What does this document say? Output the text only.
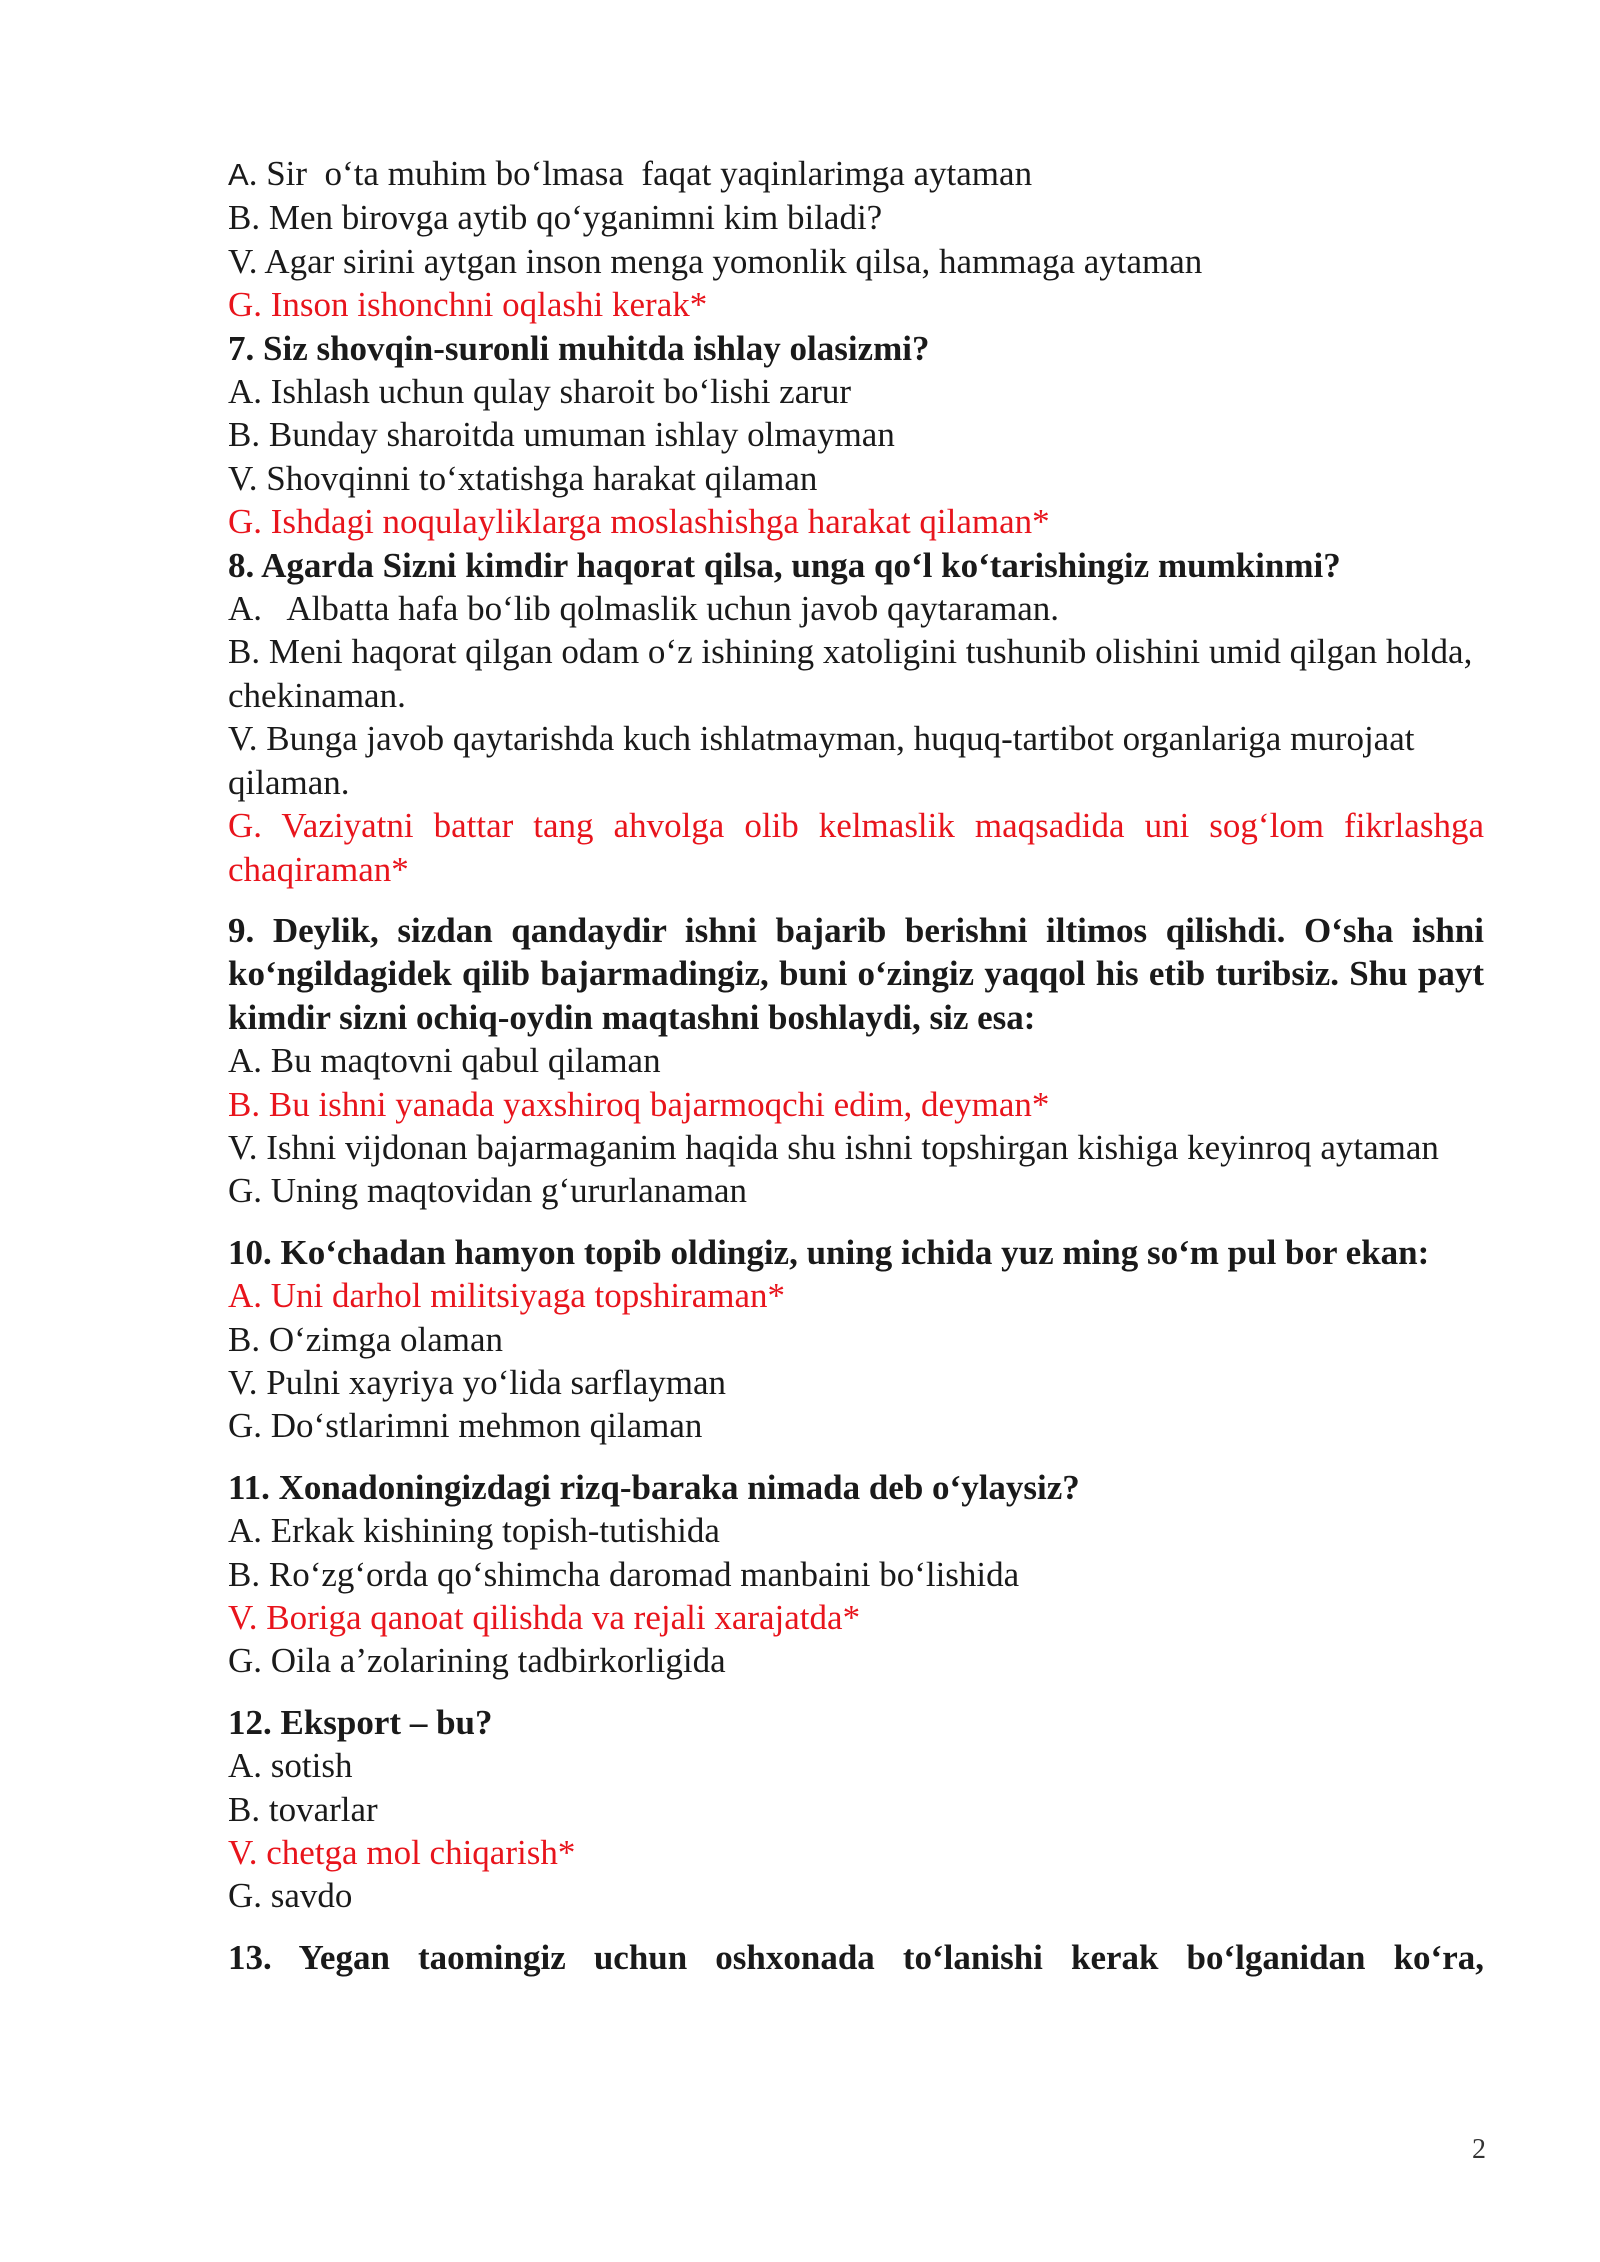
A. Sir  o‘ta muhim bo‘lmasa  faqat yaqinlarimga aytaman
B. Men birovga aytib qo‘yganimni kim biladi?
V. Agar sirini aytgan inson menga yomonlik qilsa, hammaga aytaman
G. Inson ishonchni oqlashi kerak*
7. Siz shovqin-suronli muhitda ishlay olasizmi?
A. Ishlash uchun qulay sharoit bo‘lishi zarur
B. Bunday sharoitda umuman ishlay olmayman
V. Shovqinni to‘xtatishga harakat qilaman
G. Ishdagi noqulayliklarga moslashishga harakat qilaman*
8. Agarda Sizni kimdir haqorat qilsa, unga qo‘l ko‘tarishingiz mumkinmi?
A.   Albatta hafa bo‘lib qolmaslik uchun javob qaytaraman.
B. Meni haqorat qilgan odam o‘z ishining xatoligini tushunib olishini umid qilgan holda, chekinaman.
V. Bunga javob qaytarishda kuch ishlatmayman, huquq-tartibot organlariga murojaat qilaman.
G. Vaziyatni battar tang ahvolga olib kelmaslik maqsadida uni sog‘lom fikrlashga chaqiraman*
9. Deylik, sizdan qandaydir ishni bajarib berishni iltimos qilishdi. O‘sha ishni ko‘ngildagidek qilib bajarmadingiz, buni o‘zingiz yaqqol his etib turibsiz. Shu payt kimdir sizni ochiq-oydin maqtashni boshlaydi, siz esa:
A. Bu maqtovni qabul qilaman
B. Bu ishni yanada yaxshiroq bajarmoqchi edim, deyman*
V. Ishni vijdonan bajarmaganim haqida shu ishni topshirgan kishiga keyinroq aytaman
G. Uning maqtovidan g‘ururlanaman
10. Ko‘chadan hamyon topib oldingiz, uning ichida yuz ming so‘m pul bor ekan:
A. Uni darhol militsiyaga topshiraman*
B. O‘zimga olaman
V. Pulni xayriya yo‘lida sarflayman
G. Do‘stlarimni mehmon qilaman
11. Xonadoningizdagi rizq-baraka nimada deb o‘ylaysiz?
A. Erkak kishining topish-tutishida
B. Ro‘zg‘orda qo‘shimcha daromad manbaini bo‘lishida
V. Boriga qanoat qilishda va rejali xarajatda*
G. Oila a’zolarining tadbirkorligida
12. Eksport – bu?
A. sotish
B. tovarlar
V. chetga mol chiqarish*
G. savdo
13. Yegan taomingiz uchun oshxonada to‘lanishi kerak bo‘lganidan ko‘ra,
2
